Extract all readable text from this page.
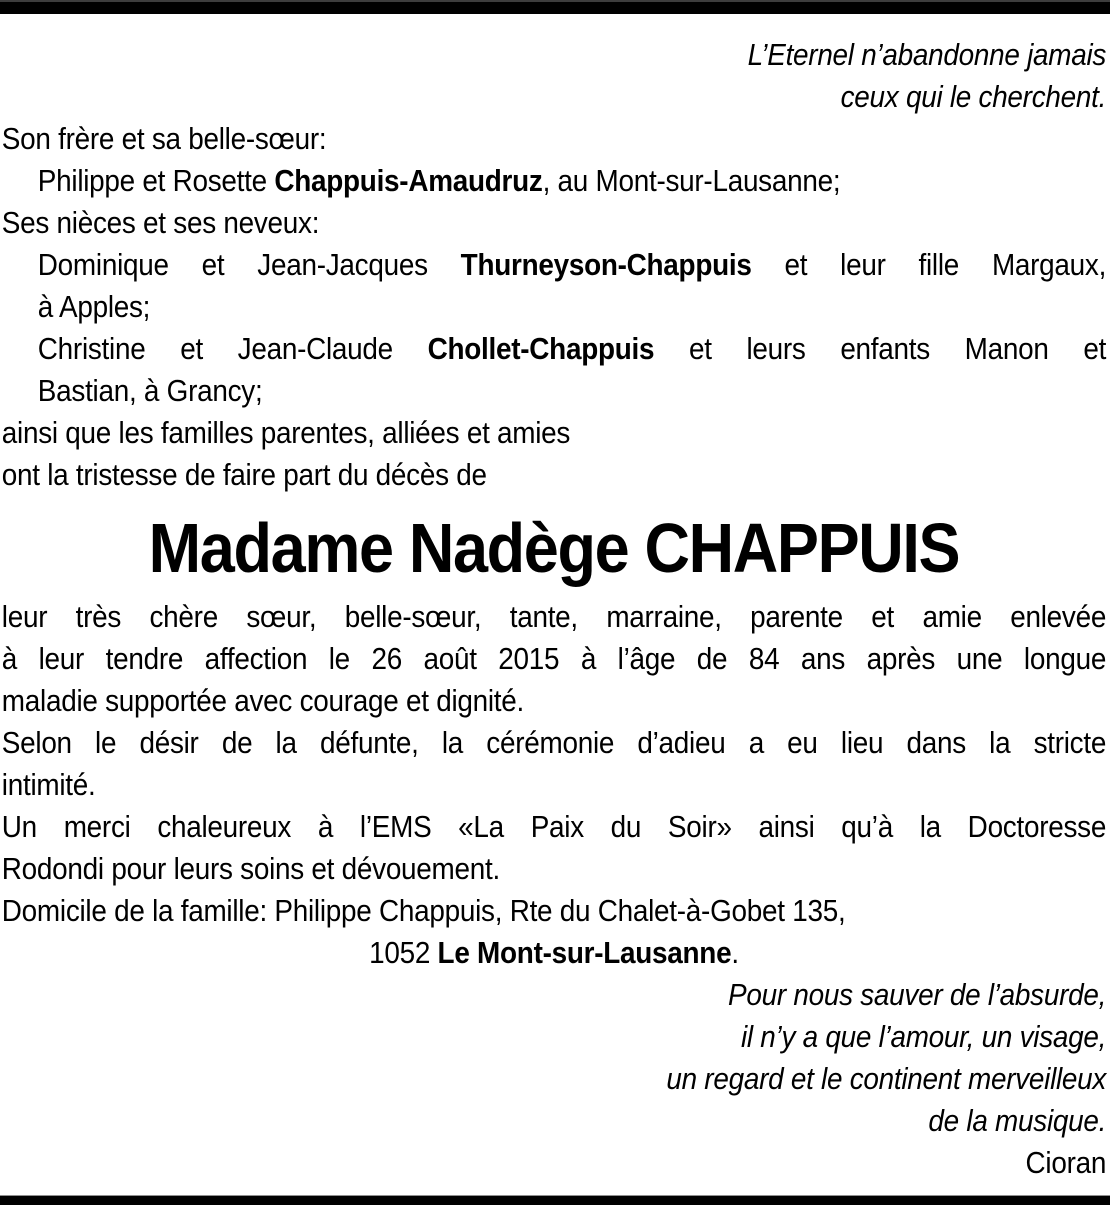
L’Eternel n’abandonne jamais
ceux qui le cherchent.
Son frère et sa belle-sœur:
Philippe et Rosette Chappuis-Amaudruz, au Mont-sur-Lausanne;
Ses nièces et ses neveux:
Dominique et Jean-Jacques Thurneyson-Chappuis et leur fille Margaux,
à Apples;
Christine et Jean-Claude Chollet-Chappuis et leurs enfants Manon et
Bastian, à Grancy;
ainsi que les familles parentes, alliées et amies
ont la tristesse de faire part du décès de
Madame Nadège CHAPPUIS
leur très chère sœur, belle-sœur, tante, marraine, parente et amie enlevée
à leur tendre affection le 26 août 2015 à l’âge de 84 ans après une longue
maladie supportée avec courage et dignité.
Selon le désir de la défunte, la cérémonie d’adieu a eu lieu dans la stricte
intimité.
Un merci chaleureux à l’EMS «La Paix du Soir» ainsi qu’à la Doctoresse
Rodondi pour leurs soins et dévouement.
Domicile de la famille: Philippe Chappuis, Rte du Chalet-à-Gobet 135,
1052 Le Mont-sur-Lausanne.
Pour nous sauver de l’absurde,
il n’y a que l’amour, un visage,
un regard et le continent merveilleux
de la musique.
Cioran
